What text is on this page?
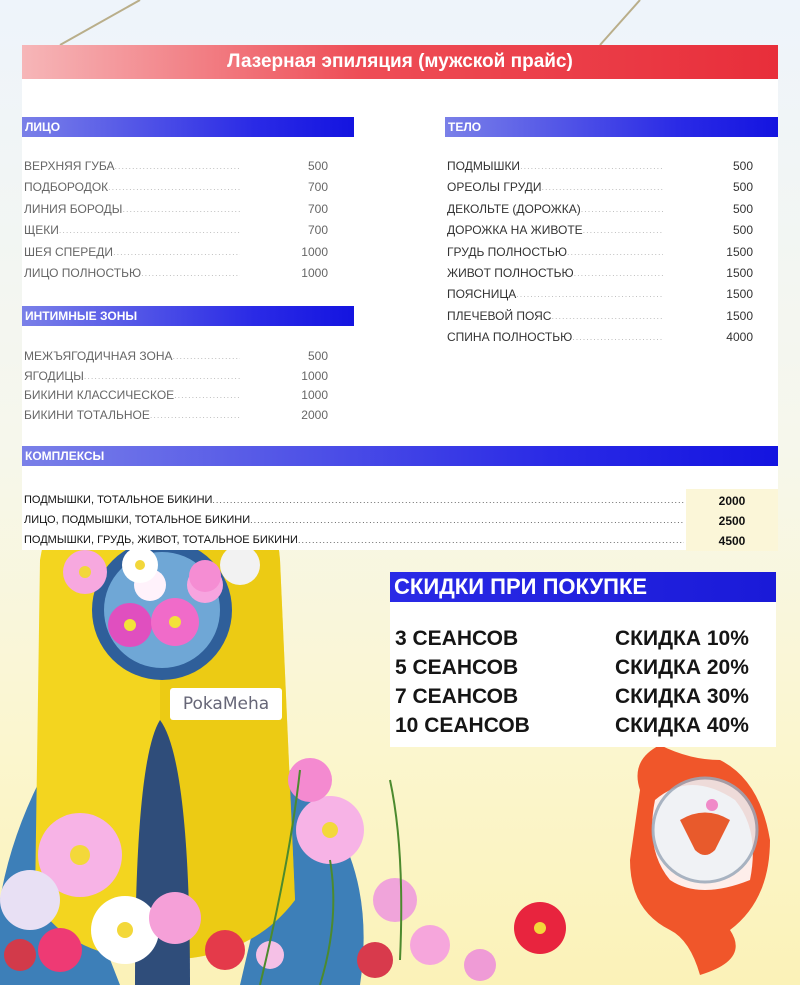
Лазерная эпиляция (мужской прайс)
ЛИЦО
ВЕРХНЯЯ ГУБА .....	500
ПОДБОРОДОК .....	700
ЛИНИЯ БОРОДЫ .....	700
ЩЕКИ .....	700
ШЕЯ СПЕРЕДИ .....	1000
ЛИЦО ПОЛНОСТЬЮ .....	1000
ТЕЛО
ПОДМЫШКИ .....	500
ОРЕОЛЫ ГРУДИ .....	500
ДЕКОЛЬТЕ (ДОРОЖКА) .....	500
ДОРОЖКА НА ЖИВОТЕ .....	500
ГРУДЬ ПОЛНОСТЬЮ .....	1500
ЖИВОТ ПОЛНОСТЬЮ .....	1500
ПОЯСНИЦА .....	1500
ПЛЕЧЕВОЙ ПОЯС .....	1500
СПИНА ПОЛНОСТЬЮ .....	4000
ИНТИМНЫЕ ЗОНЫ
МЕЖЪЯГОДИЧНАЯ ЗОНА .....	500
ЯГОДИЦЫ .....	1000
БИКИНИ КЛАССИЧЕСКОЕ .....	1000
БИКИНИ ТОТАЛЬНОЕ .....	2000
КОМПЛЕКСЫ
ПОДМЫШКИ, ТОТАЛЬНОЕ БИКИНИ .....	2000
ЛИЦО, ПОДМЫШКИ, ТОТАЛЬНОЕ БИКИНИ .....	2500
ПОДМЫШКИ, ГРУДЬ, ЖИВОТ, ТОТАЛЬНОЕ БИКИНИ .....	4500
СКИДКИ ПРИ ПОКУПКЕ
3 СЕАНСОВ	СКИДКА 10%
5 СЕАНСОВ	СКИДКА 20%
7 СЕАНСОВ	СКИДКА 30%
10 СЕАНСОВ	СКИДКА 40%
PokaMeha
